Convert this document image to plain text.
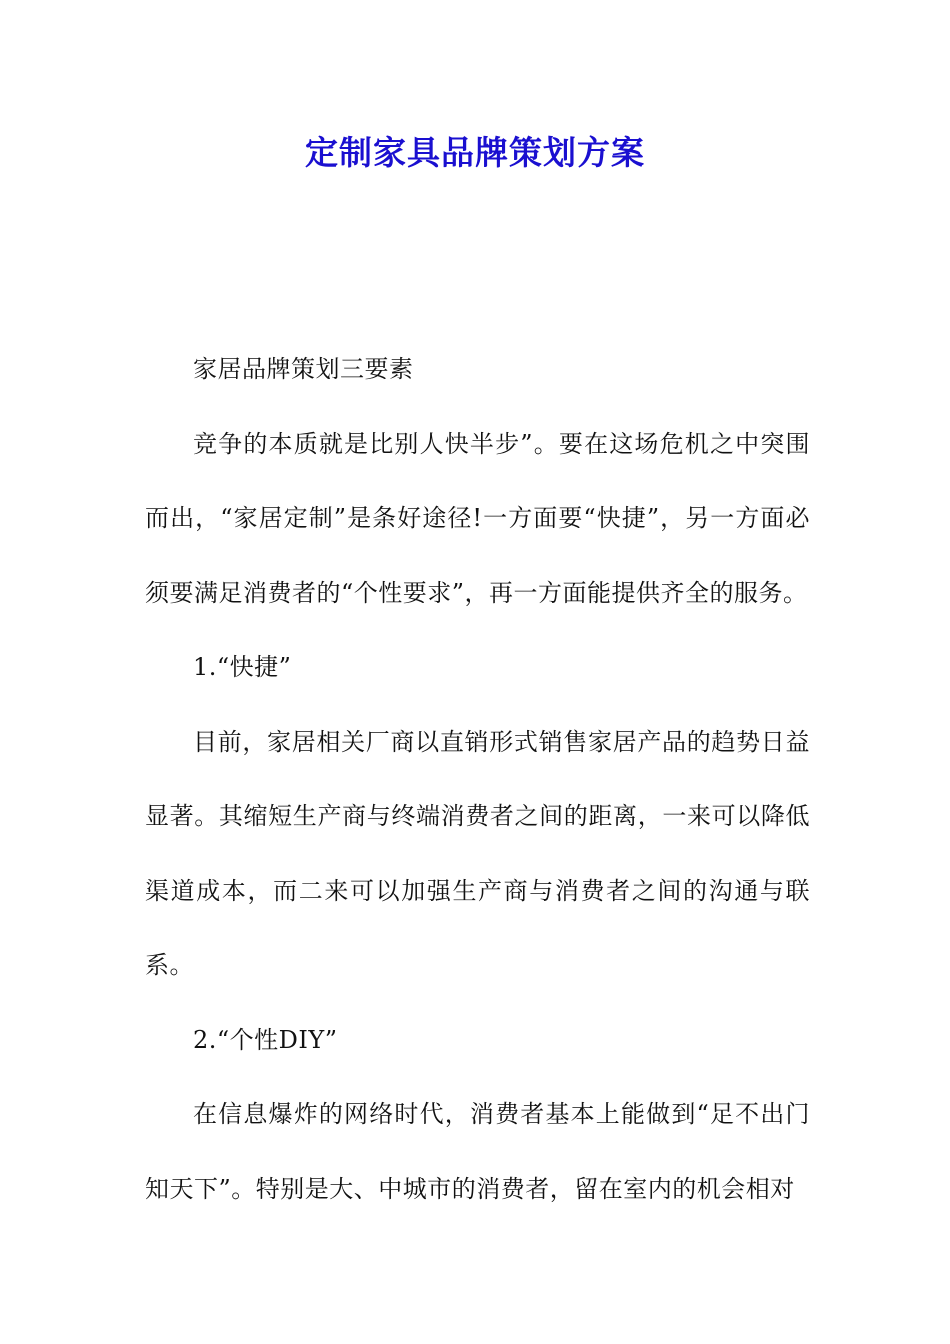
定制家具品牌策划方案

家居品牌策划三要素

竞争的本质就是比别人快半步”。要在这场危机之中突围而出，“家居定制”是条好途径!一方面要“快捷”，另一方面必须要满足消费者的“个性要求”，再一方面能提供齐全的服务。

1.“快捷”

目前，家居相关厂商以直销形式销售家居产品的趋势日益显著。其缩短生产商与终端消费者之间的距离，一来可以降低渠道成本，而二来可以加强生产商与消费者之间的沟通与联系。

2.“个性DIY”

在信息爆炸的网络时代，消费者基本上能做到“足不出门知天下”。特别是大、中城市的消费者，留在室内的机会相对
